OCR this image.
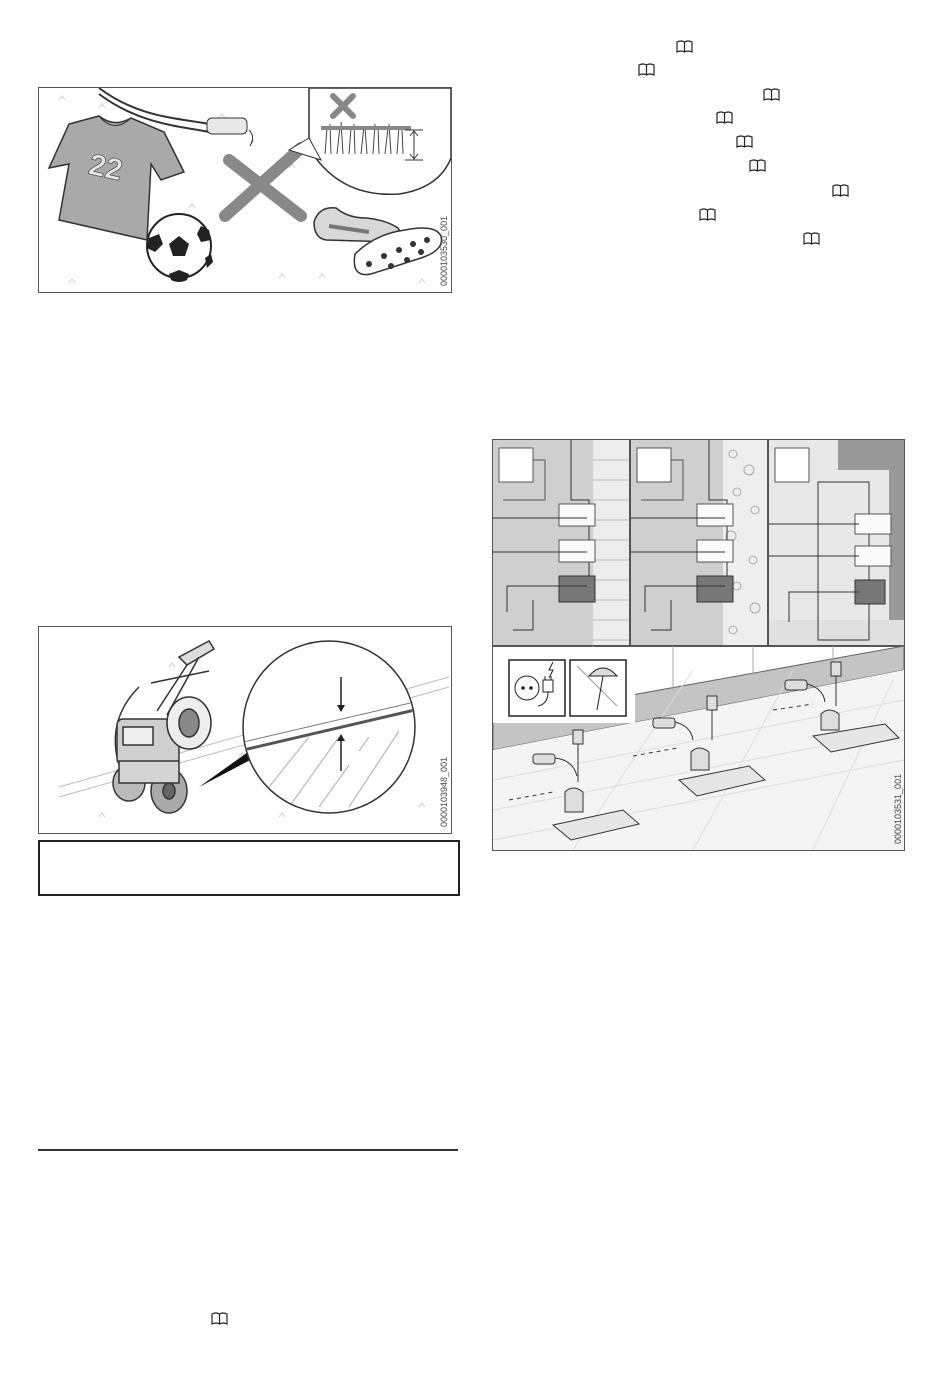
22
0000103530_001
0000103948_001	0000103531_001
